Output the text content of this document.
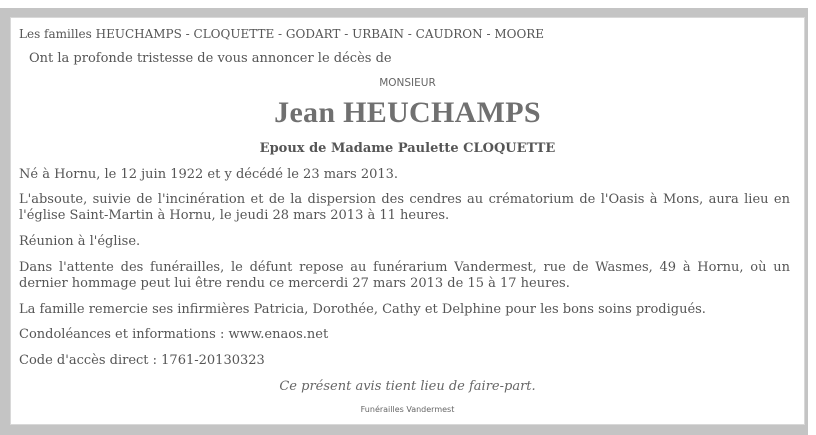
Les familles HEUCHAMPS - CLOQUETTE - GODART - URBAIN - CAUDRON - MOORE
Ont la profonde tristesse de vous annoncer le décès de
MONSIEUR
Jean HEUCHAMPS
Epoux de Madame Paulette CLOQUETTE
Né à Hornu, le 12 juin 1922 et y décédé le 23 mars 2013.
L'absoute, suivie de l'incinération et de la dispersion des cendres au crématorium de l'Oasis à Mons, aura lieu en l'église Saint-Martin à Hornu, le jeudi 28 mars 2013 à 11 heures.
Réunion à l'église.
Dans l'attente des funérailles, le défunt repose au funérarium Vandermest, rue de Wasmes, 49 à Hornu, où un dernier hommage peut lui être rendu ce mercerdi 27 mars 2013 de 15 à 17 heures.
La famille remercie ses infirmières Patricia, Dorothée, Cathy et Delphine pour les bons soins prodigués.
Condoléances et informations : www.enaos.net
Code d'accès direct : 1761-20130323
Ce présent avis tient lieu de faire-part.
Funérailles Vandermest
